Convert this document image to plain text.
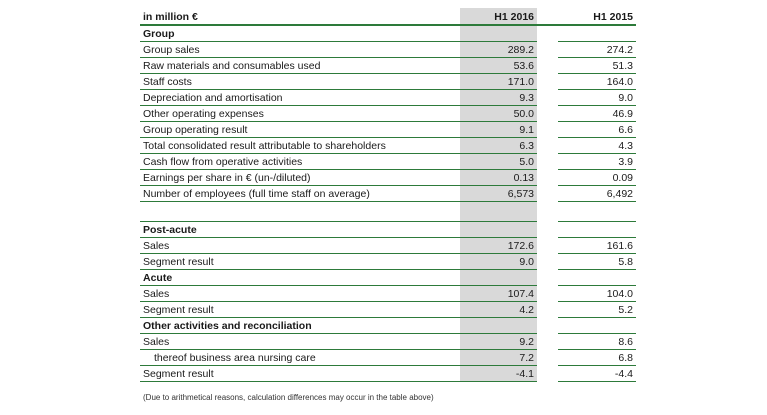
in million €	H1 2016		H1 2015
Group			
Group sales	289.2		274.2
Raw materials and consumables used	53.6		51.3
Staff costs	171.0		164.0
Depreciation and amortisation	9.3		9.0
Other operating expenses	50.0		46.9
Group operating result	9.1		6.6
Total consolidated result attributable to shareholders	6.3		4.3
Cash flow from operative activities	5.0		3.9
Earnings per share in € (un-/diluted)	0.13		0.09
Number of employees (full time staff on average)	6,573		6,492

Post-acute			
Sales	172.6		161.6
Segment result	9.0		5.8
Acute			
Sales	107.4		104.0
Segment result	4.2		5.2
Other activities and reconciliation			
Sales	9.2		8.6
thereof business area nursing care	7.2		6.8
Segment result	-4.1		-4.4
(Due to arithmetical reasons, calculation differences may occur in the table above)
